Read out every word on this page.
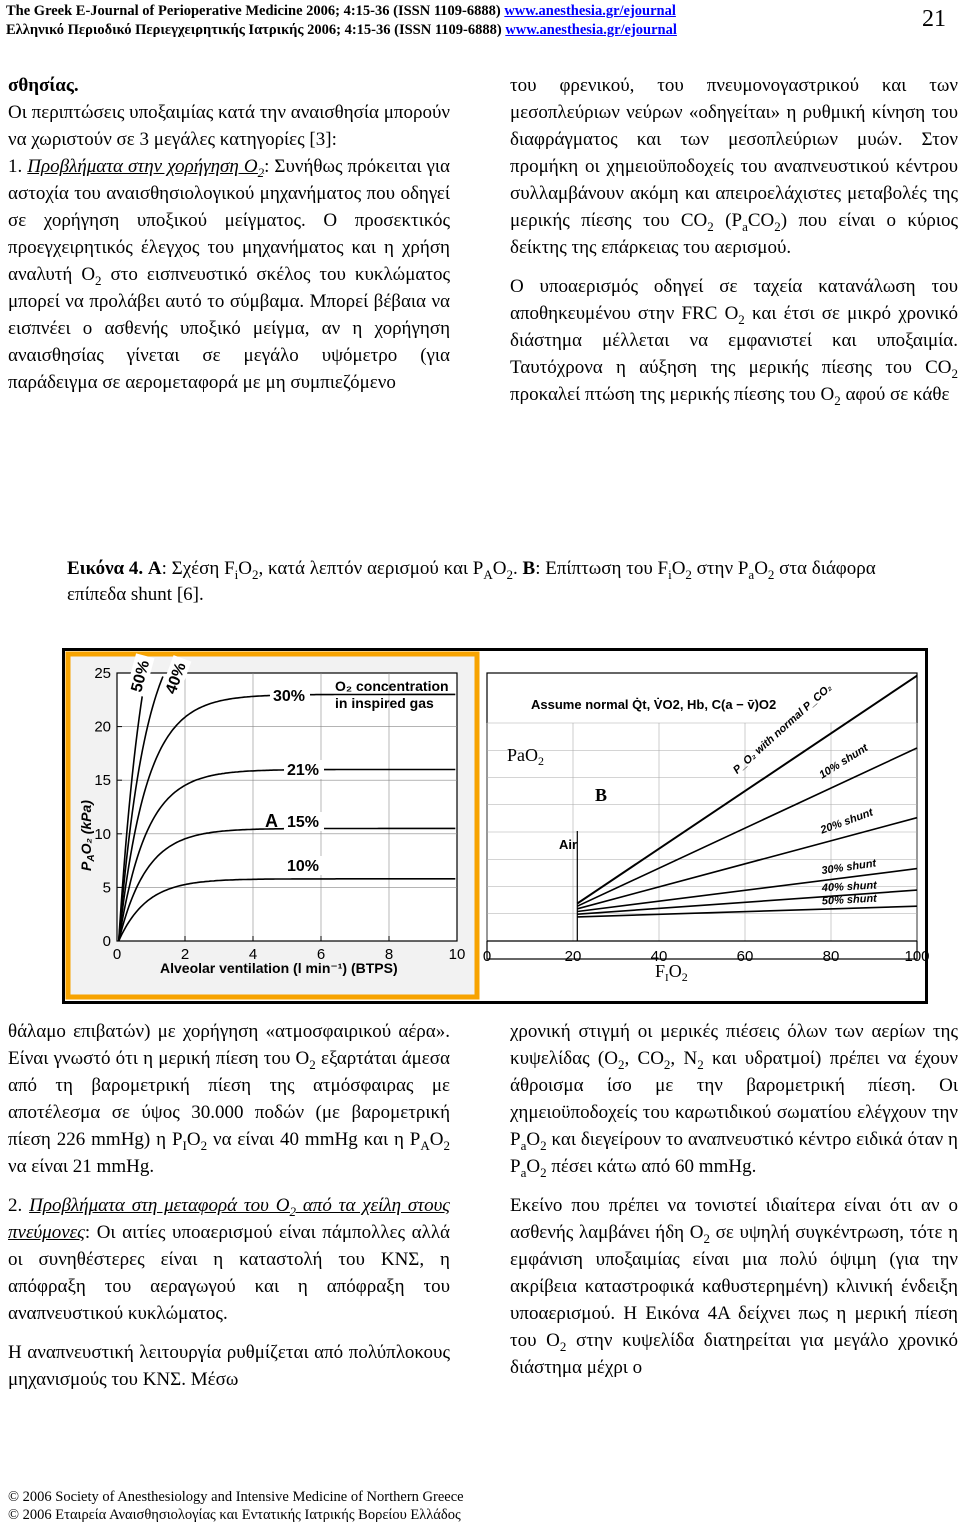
The Greek E-Journal of Perioperative Medicine 2006; 4:15-36 (ISSN 1109-6888) www.anesthesia.gr/ejournal
Ελληνικό Περιοδικό Περιεγχειρητικής Ιατρικής 2006; 4:15-36 (ISSN 1109-6888) www.anesthesia.gr/ejournal	21

σθησίας.

Οι περιπτώσεις υποξαιμίας κατά την αναισθησία μπορούν να χωριστούν σε 3 μεγάλες κατηγορίες [3]:

1. Προβλήματα στην χορήγηση $O_2$: Συνήθως πρόκειται για αστοχία του αναισθησιολογικού μηχανήματος που οδηγεί σε χορήγηση υποξικού μείγματος. Ο προσεκτικός προεγχειρητικός έλεγχος του μηχανήματος και η χρήση αναλυτή $O_2$ στο εισπνευστικό σκέλος του κυκλώματος μπορεί να προλάβει αυτό το σύμβαμα. Μπορεί βέβαια να εισπνέει ο ασθενής υποξικό μείγμα, αν η χορήγηση αναισθησίας γίνεται σε μεγάλο υψόμετρο (για παράδειγμα σε αερομεταφορά με μη συμπιεζόμενο

του φρενικού, του πνευμονογαστρικού και των μεσοπλεύριων νεύρων «οδηγείται» η ρυθμική κίνηση του διαφράγματος και των μεσοπλεύριων μυών. Στον προμήκη οι χημειοϋποδοχείς του αναπνευστικού κέντρου συλλαμβάνουν ακόμη και απειροελάχιστες μεταβολές της μερικής πίεσης του $CO_2$ $(P_aCO_2)$ που είναι ο κύριος δείκτης της επάρκειας του αερισμού.

Ο υποαερισμός οδηγεί σε ταχεία κατανάλωση του αποθηκευμένου στην FRC $O_2$ και έτσι σε μικρό χρονικό διάστημα μέλλεται να εμφανιστεί και υποξαιμία. Ταυτόχρονα η αύξηση της μερικής πίεσης του $CO_2$ προκαλεί πτώση της μερικής πίεσης του $O_2$ αφού σε κάθε

Εικόνα 4. A: Σχέση $F_iO_2$, κατά λεπτόν αερισμού και $P_AO_2$. B: Επίπτωση του $F_iO_2$ στην $P_aO_2$ στα διάφορα επίπεδα shunt [6].
50% 40%
30%
21%
15%
10%
0
5
10
15
20
25
0	2	4	6	8	10
O₂ concentration
in inspired gas
A
Alveolar ventilation (l min⁻¹) (BTPS)
$P_AO_2$ (kPa)
P_O₂ with normal P_CO₂
10% shunt
20% shunt
30% shunt
40% shunt
50% shunt
0	20	40	60	80	100
Assume normal Q̇t, V̇O2, Hb, C(a − v̄)O2
PaO$_2$
B
Air
$F_IO_2$

θάλαμο επιβατών) με χορήγηση «ατμοσφαιρικού αέρα». Είναι γνωστό ότι η μερική πίεση του $O_2$ εξαρτάται άμεσα από τη βαρομετρική πίεση της ατμόσφαιρας με αποτέλεσμα σε ύψος 30.000 ποδών (με βαρομετρική πίεση 226 mmHg) η $P_IO_2$ να είναι 40 mmHg και η $P_AO_2$ να είναι 21 mmHg.

2. Προβλήματα στη μεταφορά του $O_2$ από τα χείλη στους πνεύμονες: Οι αιτίες υποαερισμού είναι πάμπολλες αλλά οι συνηθέστερες είναι η καταστολή του ΚΝΣ, η απόφραξη του αεραγωγού και η απόφραξη του αναπνευστικού κυκλώματος.

Η αναπνευστική λειτουργία ρυθμίζεται από πολύπλοκους μηχανισμούς του ΚΝΣ. Μέσω

χρονική στιγμή οι μερικές πιέσεις όλων των αερίων της κυψελίδας ($O_2$, $CO_2$, $N_2$ και υδρατμοί) πρέπει να έχουν άθροισμα ίσο με την βαρομετρική πίεση. Οι χημειοϋποδοχείς του καρωτιδικού σωματίου ελέγχουν την $P_aO_2$ και διεγείρουν το αναπνευστικό κέντρο ειδικά όταν η $P_aO_2$ πέσει κάτω από 60 mmHg.

Εκείνο που πρέπει να τονιστεί ιδιαίτερα είναι ότι αν ο ασθενής λαμβάνει ήδη $O_2$ σε υψηλή συγκέντρωση, τότε η εμφάνιση υποξαιμίας είναι μια πολύ όψιμη (για την ακρίβεια καταστροφικά καθυστερημένη) κλινική ένδειξη υποαερισμού. Η Εικόνα 4Α δείχνει πως η μερική πίεση του $O_2$ στην κυψελίδα διατηρείται για μεγάλο χρονικό διάστημα μέχρι ο

© 2006 Society of Anesthesiology and Intensive Medicine of Northern Greece
© 2006 Εταιρεία Αναισθησιολογίας και Εντατικής Ιατρικής Βορείου Ελλάδος
